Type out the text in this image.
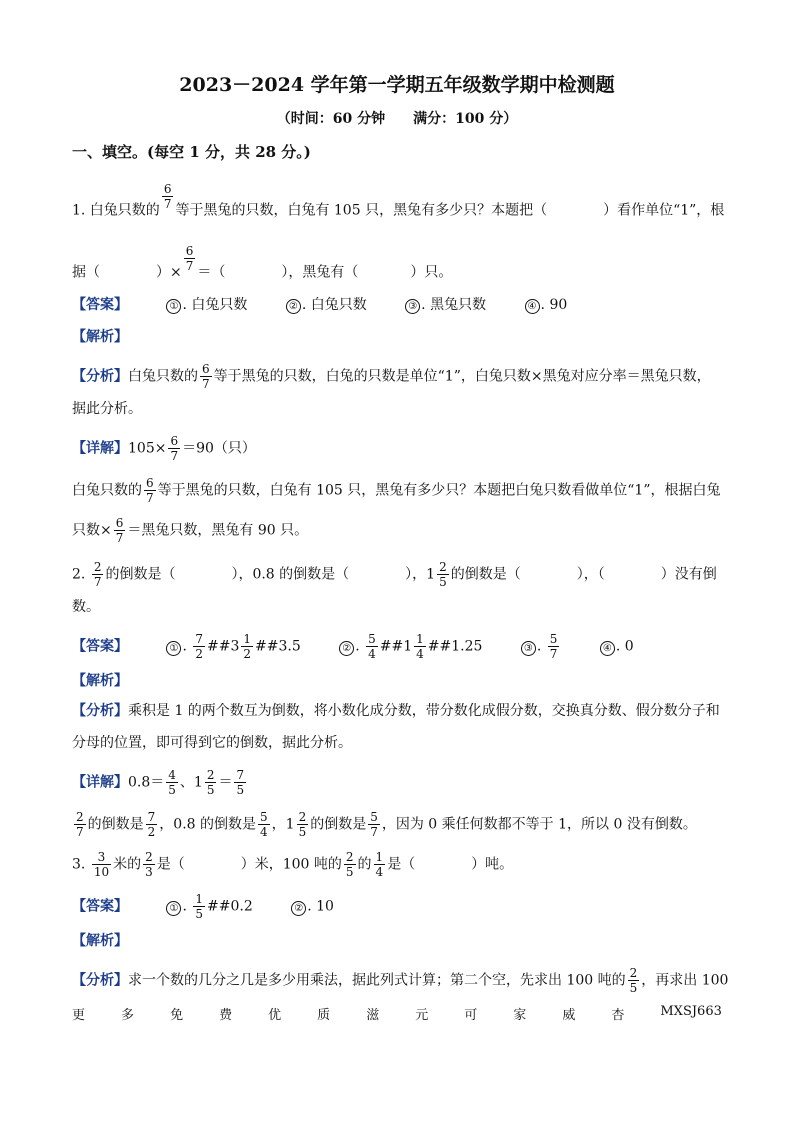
2023－2024 学年第一学期五年级数学期中检测题
（时间：60 分钟 满分：100 分）
一、填空。(每空 1 分，共 28 分。)
1. 白兔只数的 $\frac{6}{7}$ 等于黑兔的只数，白兔有 105 只，黑兔有多少只？本题把（	）看作单位“1”，根
据（	）× $\frac{6}{7}$ ＝（	），黑兔有（	）只。
【答案】	① . 白兔只数	② . 白兔只数	③ . 黑兔只数	④ . 90
【解析】
【分析】白兔只数的 $\frac{6}{7}$ 等于黑兔的只数，白兔的只数是单位“1”，白兔只数×黑兔对应分率＝黑兔只数，
据此分析。
【详解】$105\times \frac{6}{7} =90$（只）
白兔只数的 $\frac{6}{7}$ 等于黑兔的只数，白兔有 105 只，黑兔有多少只？本题把白兔只数看做单位“1”，根据白兔
只数× $\frac{6}{7}$ ＝黑兔只数，黑兔有 90 只。
2. $\frac{2}{7}$ 的倒数是（	），0.8 的倒数是（	），$1 \frac{2}{5}$ 的倒数是（	），（	）没有倒
数。
【答案】	① . $\frac{7}{2}$ ##3 $\frac{1}{2}$ ##3.5	② . $\frac{5}{4}$ ##1 $\frac{1}{4}$ ##1.25	③ . $\frac{5}{7}$	④ . 0
【解析】
【分析】乘积是 1 的两个数互为倒数，将小数化成分数，带分数化成假分数，交换真分数、假分数分子和
分母的位置，即可得到它的倒数，据此分析。
【详解】$0.8= \frac{4}{5}$ 、$1 \frac{2}{5} = \frac{7}{5}$
$\frac{2}{7}$ 的倒数是 $\frac{7}{2}$ ，0.8 的倒数是 $\frac{5}{4}$ ，$1 \frac{2}{5}$ 的倒数是 $\frac{5}{7}$ ，因为 0 乘任何数都不等于 1，所以 0 没有倒数。
3. $\frac{3}{10}$ 米的 $\frac{2}{3}$ 是（	）米，100 吨的 $\frac{2}{5}$ 的 $\frac{1}{4}$ 是（	）吨。
【答案】	① . $\frac{1}{5}$ ##0.2	② . 10
【解析】
【分析】求一个数的几分之几是多少用乘法，据此列式计算；第二个空，先求出 100 吨的 $\frac{2}{5}$ ，再求出 100
更	多	免	费	优	质	滋	元	可	家	威	杏	MXSJ663
